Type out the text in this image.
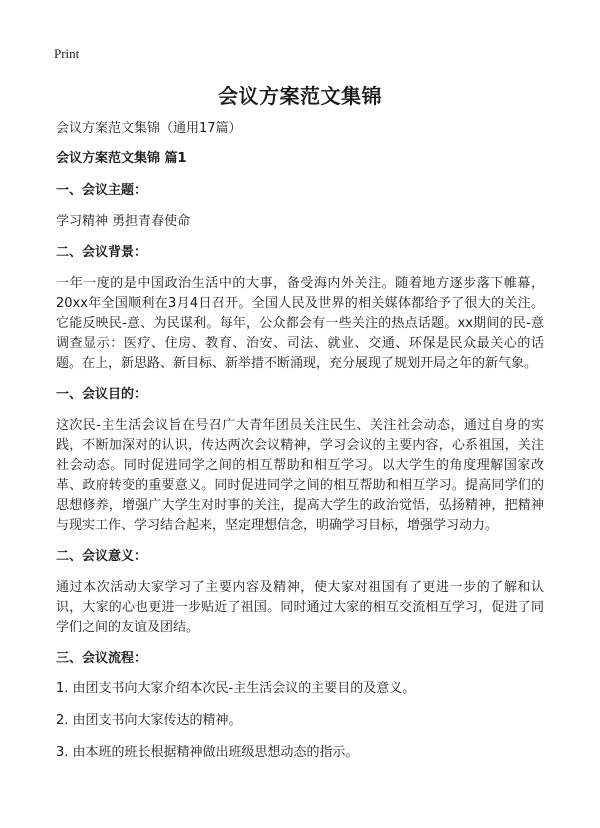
Print
会议方案范文集锦
会议方案范文集锦（通用17篇）
会议方案范文集锦 篇1
一、会议主题：
学习精神 勇担青春使命
二、会议背景：
一年一度的是中国政治生活中的大事，备受海内外关注。随着地方逐步落下帷幕，20xx年全国顺利在3月4日召开。全国人民及世界的相关媒体都给予了很大的关注。它能反映民-意、为民谋利。每年，公众都会有一些关注的热点话题。xx期间的民-意调查显示：医疗、住房、教育、治安、司法、就业、交通、环保是民众最关心的话题。在上，新思路、新目标、新举措不断涌现，充分展现了规划开局之年的新气象。
一、会议目的：
这次民-主生活会议旨在号召广大青年团员关注民生、关注社会动态，通过自身的实践，不断加深对的认识，传达两次会议精神，学习会议的主要内容，心系祖国，关注社会动态。同时促进同学之间的相互帮助和相互学习。以大学生的角度理解国家改革、政府转变的重要意义。同时促进同学之间的相互帮助和相互学习。提高同学们的思想修养，增强广大学生对时事的关注，提高大学生的政治觉悟，弘扬精神，把精神与现实工作、学习结合起来，坚定理想信念，明确学习目标，增强学习动力。
二、会议意义：
通过本次活动大家学习了主要内容及精神，使大家对祖国有了更进一步的了解和认识，大家的心也更进一步贴近了祖国。同时通过大家的相互交流相互学习，促进了同学们之间的友谊及团结。
三、会议流程：
1. 由团支书向大家介绍本次民-主生活会议的主要目的及意义。
2. 由团支书向大家传达的精神。
3. 由本班的班长根据精神做出班级思想动态的指示。
